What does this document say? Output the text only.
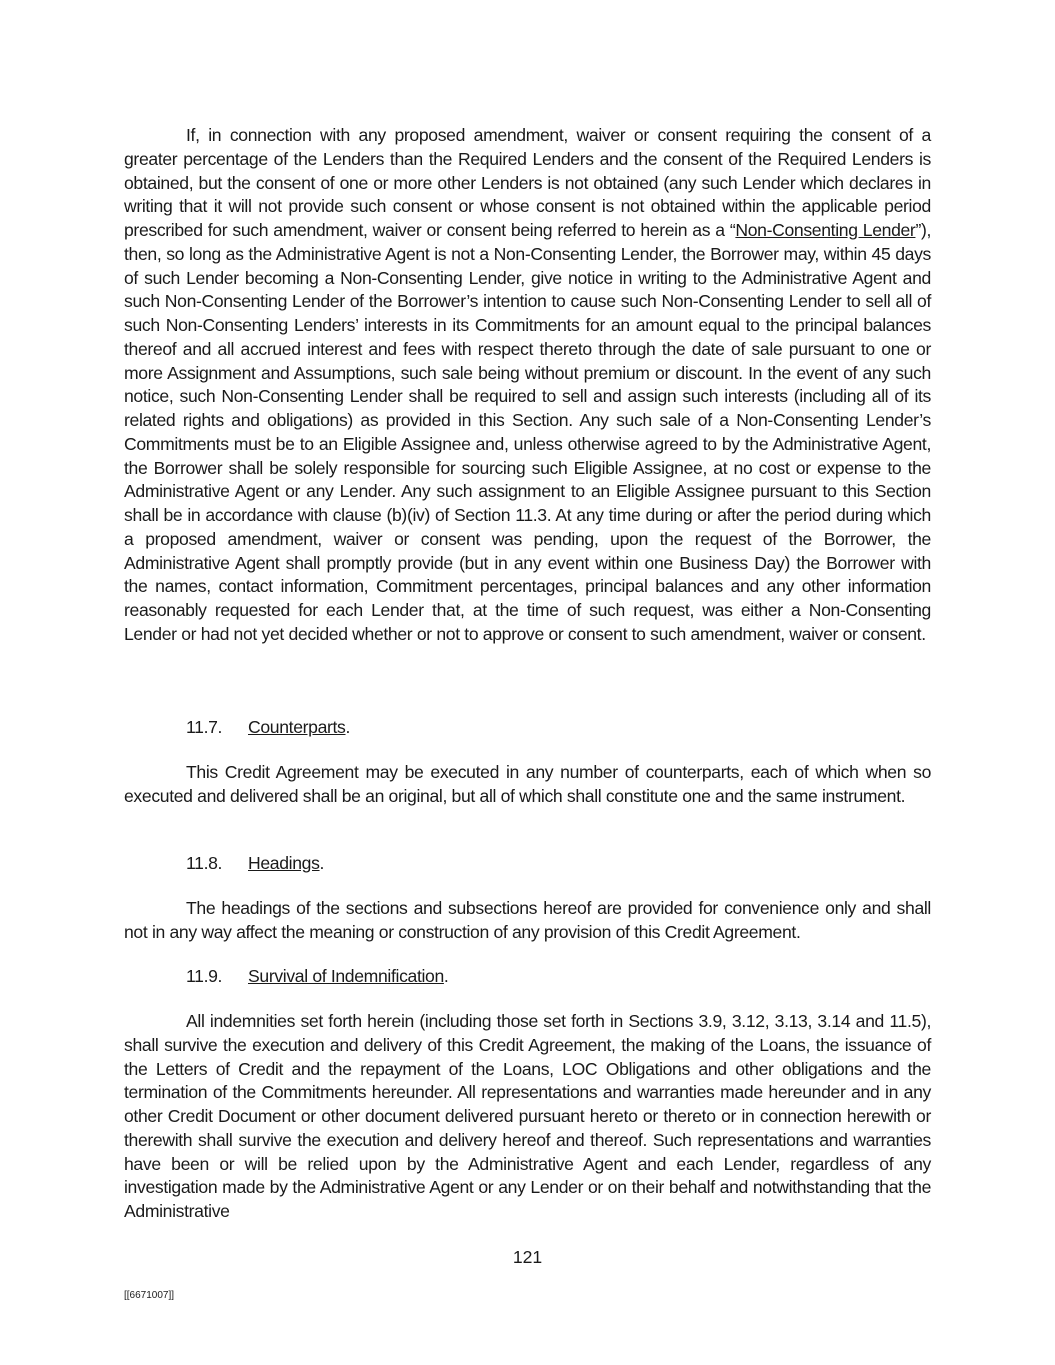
If, in connection with any proposed amendment, waiver or consent requiring the consent of a greater percentage of the Lenders than the Required Lenders and the consent of the Required Lenders is obtained, but the consent of one or more other Lenders is not obtained (any such Lender which declares in writing that it will not provide such consent or whose consent is not obtained within the applicable period prescribed for such amendment, waiver or consent being referred to herein as a “Non-Consenting Lender”), then, so long as the Administrative Agent is not a Non-Consenting Lender, the Borrower may, within 45 days of such Lender becoming a Non-Consenting Lender, give notice in writing to the Administrative Agent and such Non-Consenting Lender of the Borrower’s intention to cause such Non-Consenting Lender to sell all of such Non-Consenting Lenders’ interests in its Commitments for an amount equal to the principal balances thereof and all accrued interest and fees with respect thereto through the date of sale pursuant to one or more Assignment and Assumptions, such sale being without premium or discount. In the event of any such notice, such Non-Consenting Lender shall be required to sell and assign such interests (including all of its related rights and obligations) as provided in this Section. Any such sale of a Non-Consenting Lender’s Commitments must be to an Eligible Assignee and, unless otherwise agreed to by the Administrative Agent, the Borrower shall be solely responsible for sourcing such Eligible Assignee, at no cost or expense to the Administrative Agent or any Lender. Any such assignment to an Eligible Assignee pursuant to this Section shall be in accordance with clause (b)(iv) of Section 11.3. At any time during or after the period during which a proposed amendment, waiver or consent was pending, upon the request of the Borrower, the Administrative Agent shall promptly provide (but in any event within one Business Day) the Borrower with the names, contact information, Commitment percentages, principal balances and any other information reasonably requested for each Lender that, at the time of such request, was either a Non-Consenting Lender or had not yet decided whether or not to approve or consent to such amendment, waiver or consent.

11.7. Counterparts.

This Credit Agreement may be executed in any number of counterparts, each of which when so executed and delivered shall be an original, but all of which shall constitute one and the same instrument.

11.8. Headings.

The headings of the sections and subsections hereof are provided for convenience only and shall not in any way affect the meaning or construction of any provision of this Credit Agreement.

11.9. Survival of Indemnification.

All indemnities set forth herein (including those set forth in Sections 3.9, 3.12, 3.13, 3.14 and 11.5), shall survive the execution and delivery of this Credit Agreement, the making of the Loans, the issuance of the Letters of Credit and the repayment of the Loans, LOC Obligations and other obligations and the termination of the Commitments hereunder. All representations and warranties made hereunder and in any other Credit Document or other document delivered pursuant hereto or thereto or in connection herewith or therewith shall survive the execution and delivery hereof and thereof. Such representations and warranties have been or will be relied upon by the Administrative Agent and each Lender, regardless of any investigation made by the Administrative Agent or any Lender or on their behalf and notwithstanding that the Administrative

121
[[6671007]]
